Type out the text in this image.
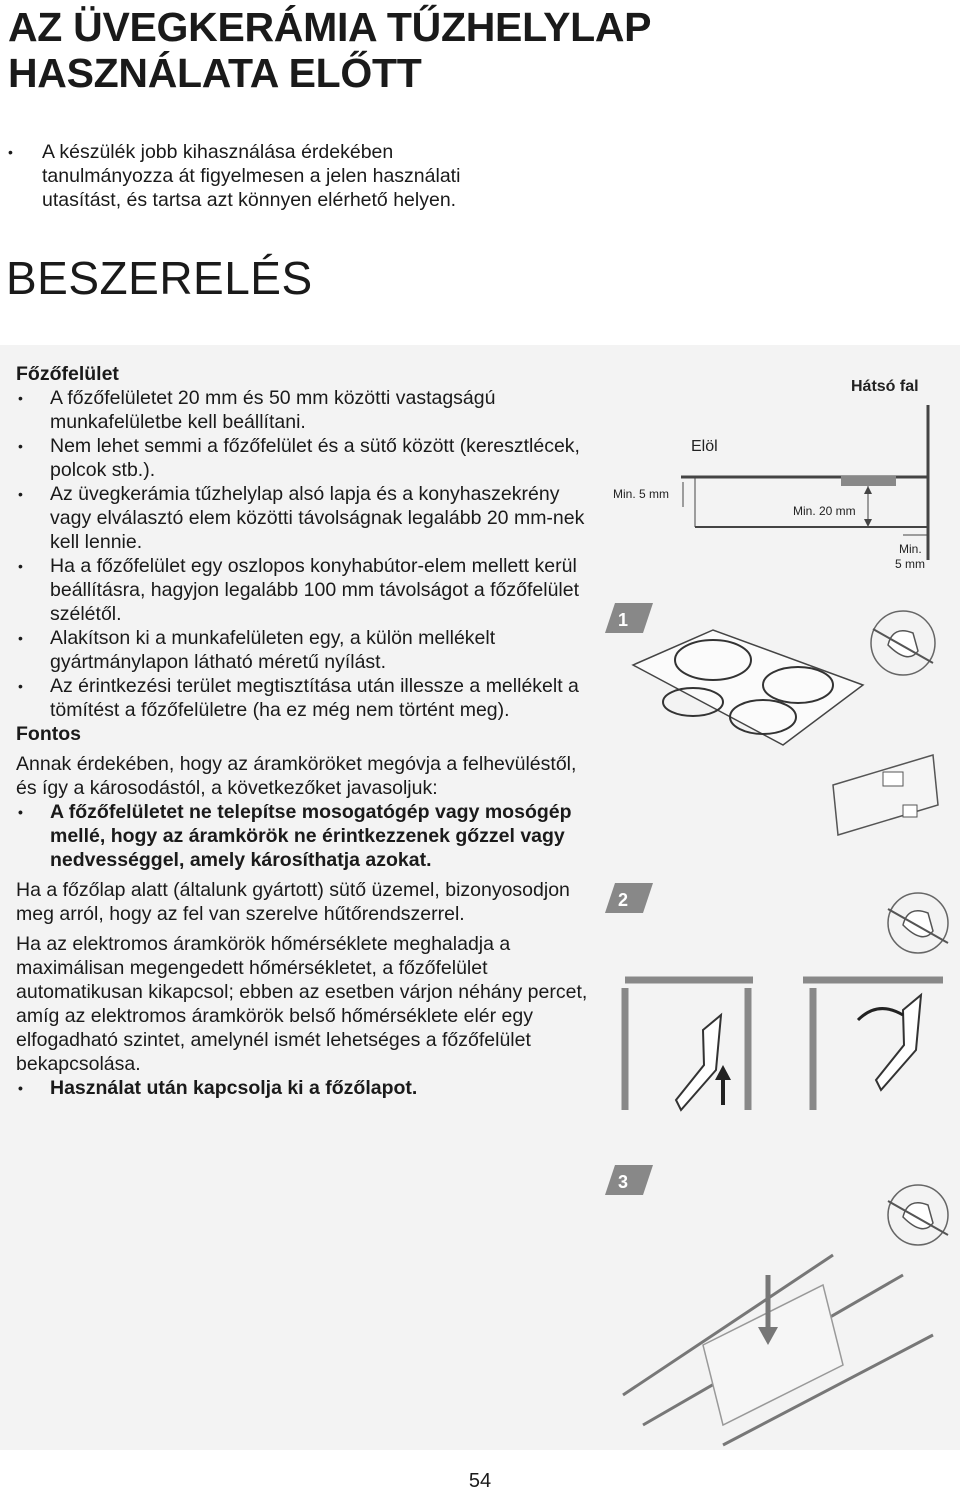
AZ ÜVEGKERÁMIA TŰZHELYLAP
HASZNÁLATA ELŐTT
• A készülék jobb kihasználása érdekében tanulmányozza át figyelmesen a jelen használati utasítást, és tartsa azt könnyen elérhető helyen.
BESZERELÉS
Főzőfelület
• A főzőfelületet 20 mm és 50 mm közötti vastagságú munkafelületbe kell beállítani.
• Nem lehet semmi a főzőfelület és a sütő között (keresztlécek, polcok stb.).
• Az üvegkerámia tűzhelylap alsó lapja és a konyhaszekrény vagy elválasztó elem közötti távolságnak legalább 20 mm-nek kell lennie.
• Ha a főzőfelület egy oszlopos konyhabútor-elem mellett kerül beállításra, hagyjon legalább 100 mm távolságot a főzőfelület szélétől.
• Alakítson ki a munkafelületen egy, a külön mellékelt gyártmánylapon látható méretű nyílást.
• Az érintkezési terület megtisztítása után illessze a mellékelt a tömítést a főzőfelületre (ha ez még nem történt meg).
Fontos
Annak érdekében, hogy az áramköröket megóvja a felhevüléstől, és így a károsodástól, a következőket javasoljuk:
• A főzőfelületet ne telepítse mosogatógép vagy mosógép mellé, hogy az áramkörök ne érintkezzenek gőzzel vagy nedvességgel, amely károsíthatja azokat.
Ha a főzőlap alatt (általunk gyártott) sütő üzemel, bizonyosodjon meg arról, hogy az fel van szerelve hűtőrendszerrel.
Ha az elektromos áramkörök hőmérséklete meghaladja a maximálisan megengedett hőmérsékletet, a főzőfelület automatikusan kikapcsol; ebben az esetben várjon néhány percet, amíg az elektromos áramkörök belső hőmérséklete elér egy elfogadható szintet, amelynél ismét lehetséges a főzőfelület bekapcsolása.
• Használat után kapcsolja ki a főzőlapot.
Hátsó fal
Elöl
Min. 5 mm
Min. 20 mm
Min.
5 mm
1
2
3
54
